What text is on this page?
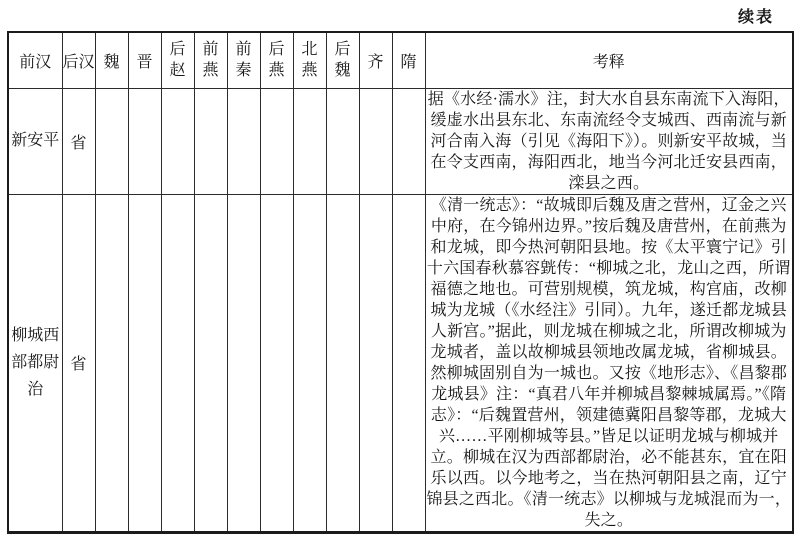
续表
前汉	后汉	魏	晋	后赵	前燕	前秦	后燕	北燕	后魏	齐	隋	考释
新安平	省											据《水经·濡水》注，封大水自县东南流下入海阳，缓虚水出县东北、东南流经令支城西、西南流与新河合南入海（引见《海阳下》）。则新安平故城，当在令支西南，海阳西北，地当今河北迁安县西南，滦县之西。
柳城西部都尉治	省											《清一统志》：“故城即后魏及唐之营州，辽金之兴中府，在今锦州边界。”按后魏及唐营州，在前燕为和龙城，即今热河朝阳县地。按《太平寰宁记》引十六国春秋慕容皝传：“柳城之北，龙山之西，所谓福德之地也。可营别规模，筑龙城，构宫庙，改柳城为龙城（《水经注》引同）。九年，遂迁都龙城县人新宫。”据此，则龙城在柳城之北，所谓改柳城为龙城者，盖以故柳城县领地改属龙城，省柳城县。然柳城固别自为一城也。又按《地形志》、《昌黎郡龙城县》注：“真君八年并柳城昌黎棘城属焉。”《隋志》：“后魏置营州，领建德冀阳昌黎等郡，龙城大兴……平刚柳城等县。”皆足以证明龙城与柳城并立。柳城在汉为西部都尉治，必不能甚东，宜在阳乐以西。以今地考之，当在热河朝阳县之南，辽宁锦县之西北。《清一统志》以柳城与龙城混而为一，失之。
